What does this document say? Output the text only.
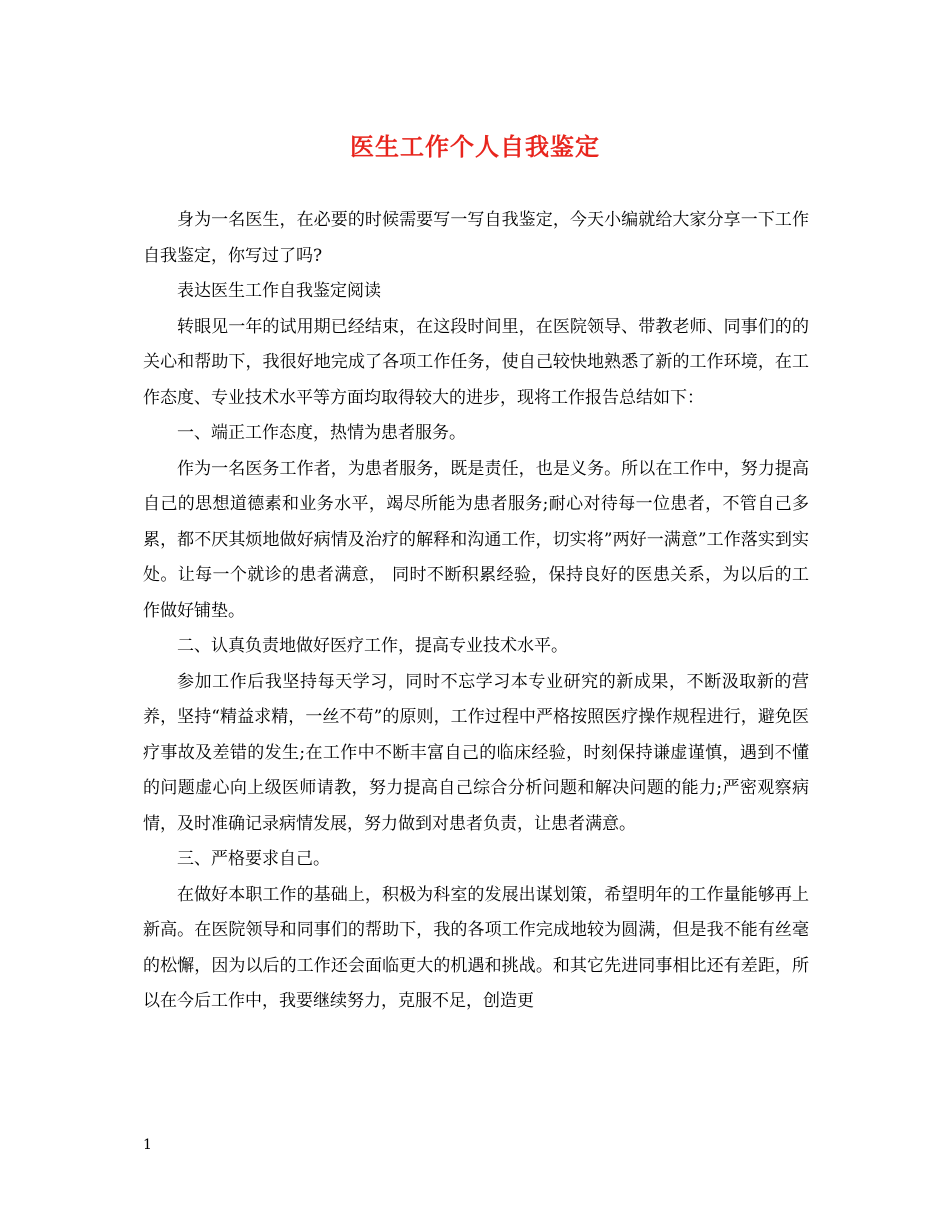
医生工作个人自我鉴定

身为一名医生，在必要的时候需要写一写自我鉴定，今天小编就给大家分享一下工作自我鉴定，你写过了吗?

表达医生工作自我鉴定阅读

转眼见一年的试用期已经结束，在这段时间里，在医院领导、带教老师、同事们的的关心和帮助下，我很好地完成了各项工作任务，使自己较快地熟悉了新的工作环境，在工作态度、专业技术水平等方面均取得较大的进步，现将工作报告总结如下：

一、端正工作态度，热情为患者服务。

作为一名医务工作者，为患者服务，既是责任，也是义务。所以在工作中，努力提高自己的思想道德素和业务水平，竭尽所能为患者服务;耐心对待每一位患者，不管自己多累，都不厌其烦地做好病情及治疗的解释和沟通工作，切实将”两好一满意”工作落实到实处。让每一个就诊的患者满意， 同时不断积累经验，保持良好的医患关系，为以后的工作做好铺垫。

二、认真负责地做好医疗工作，提高专业技术水平。

参加工作后我坚持每天学习，同时不忘学习本专业研究的新成果，不断汲取新的营养，坚持“精益求精，一丝不苟”的原则，工作过程中严格按照医疗操作规程进行，避免医疗事故及差错的发生;在工作中不断丰富自己的临床经验，时刻保持谦虚谨慎，遇到不懂的问题虚心向上级医师请教，努力提高自己综合分析问题和解决问题的能力;严密观察病情，及时准确记录病情发展，努力做到对患者负责，让患者满意。

三、严格要求自己。

在做好本职工作的基础上，积极为科室的发展出谋划策，希望明年的工作量能够再上新高。在医院领导和同事们的帮助下，我的各项工作完成地较为圆满，但是我不能有丝毫的松懈，因为以后的工作还会面临更大的机遇和挑战。和其它先进同事相比还有差距，所以在今后工作中，我要继续努力，克服不足，创造更

1
